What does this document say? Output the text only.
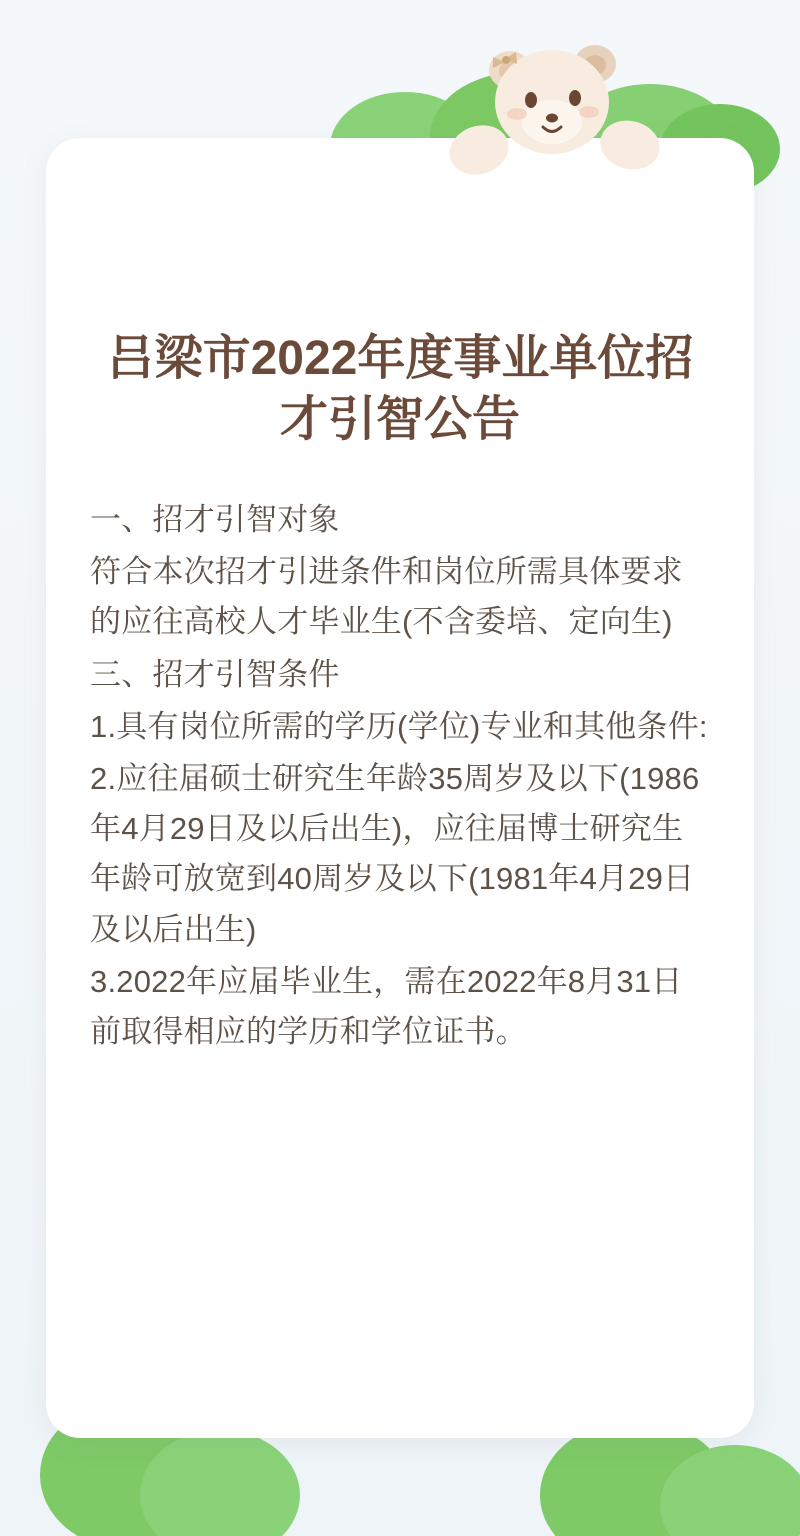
吕梁市2022年度事业单位招才引智公告

一、招才引智对象

符合本次招才引进条件和岗位所需具体要求的应往高校人才毕业生(不含委培、定向生)

三、招才引智条件

1.具有岗位所需的学历(学位)专业和其他条件:

2.应往届硕士研究生年龄35周岁及以下(1986年4月29日及以后出生)，应往届博士研究生年龄可放宽到40周岁及以下(1981年4月29日及以后出生)

3.2022年应届毕业生，需在2022年8月31日前取得相应的学历和学位证书。
